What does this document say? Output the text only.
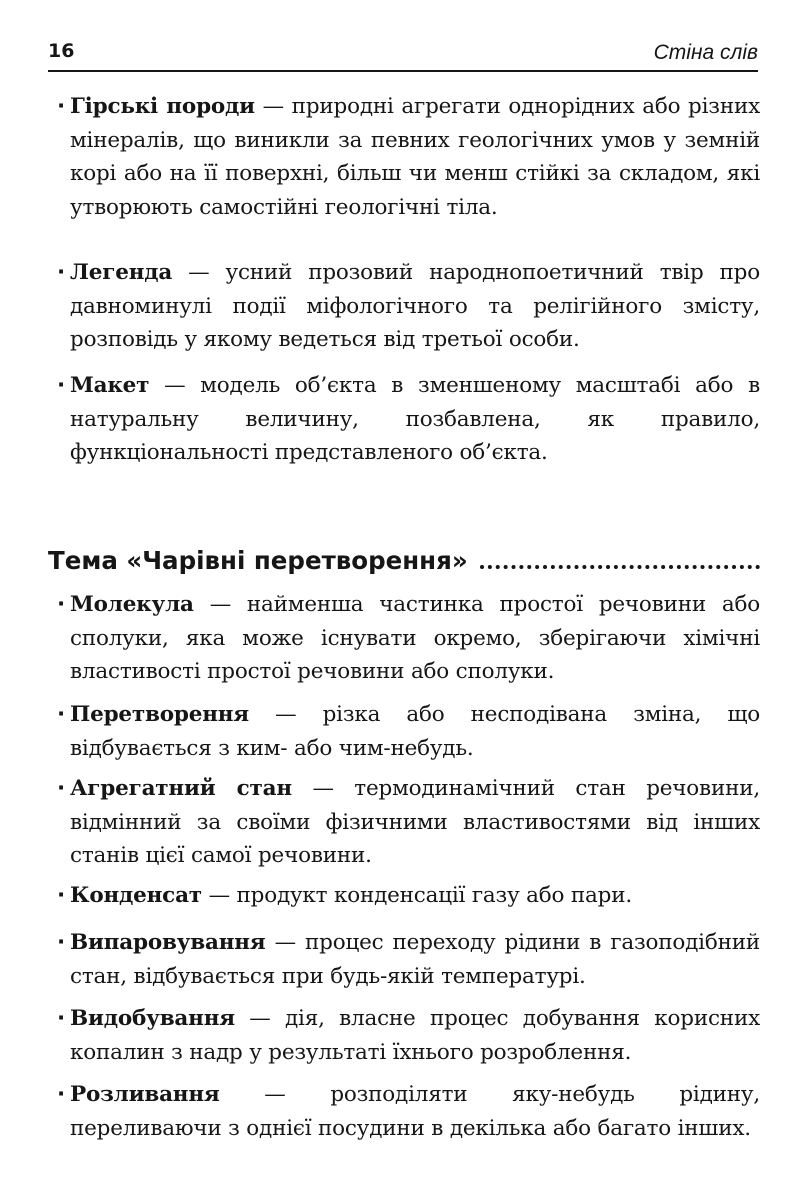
16	Стіна слів
· Гірські породи — природні агрегати однорідних або різних мінералів, що виникли за певних геологічних умов у земній корі або на її поверхні, більш чи менш стійкі за складом, які утворюють самостійні геологічні тіла.
· Легенда — усний прозовий народнопоетичний твір про давноминулі події міфологічного та релігійного змісту, розповідь у якому ведеться від третьої особи.
· Макет — модель об’єкта в зменшеному масштабі або в натуральну величину, позбавлена, як правило, функціональності представленого об’єкта.
Тема «Чарівні перетворення»
· Молекула — найменша частинка простої речовини або сполуки, яка може існувати окремо, зберігаючи хімічні властивості простої речовини або сполуки.
· Перетворення — різка або несподівана зміна, що відбувається з ким- або чим-небудь.
· Агрегатний стан — термодинамічний стан речовини, відмінний за своїми фізичними властивостями від інших станів цієї самої речовини.
· Конденсат — продукт конденсації газу або пари.
· Випаровування — процес переходу рідини в газоподібний стан, відбувається при будь-якій температурі.
· Видобування — дія, власне процес добування корисних копалин з надр у результаті їхнього розроблення.
· Розливання — розподіляти яку-небудь рідину, переливаючи з однієї посудини в декілька або багато інших.
